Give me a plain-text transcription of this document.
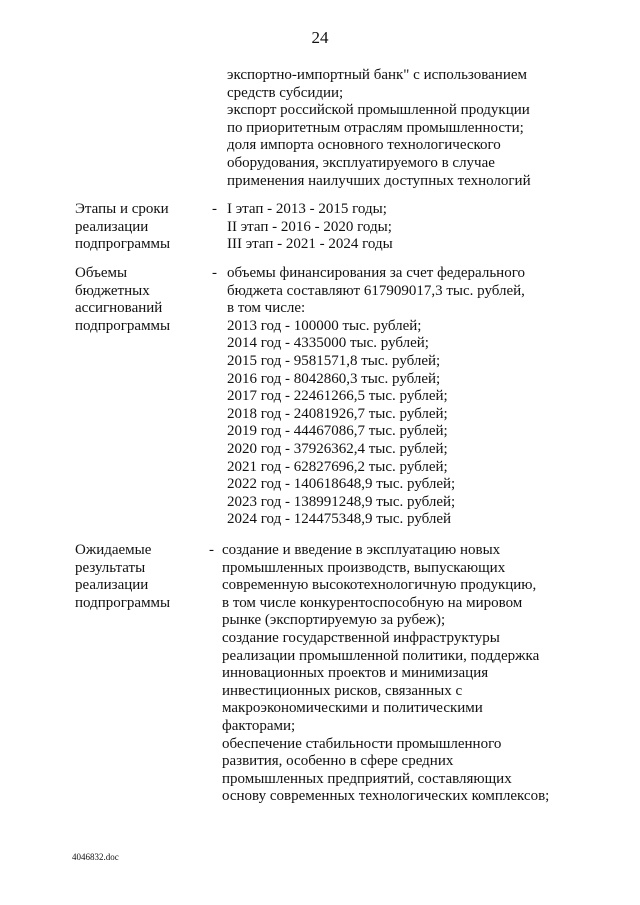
24
экспортно-импортный банк" с использованием
средств субсидии;
экспорт российской промышленной продукции
по приоритетным отраслям промышленности;
доля импорта основного технологического
оборудования, эксплуатируемого в случае
применения наилучших доступных технологий
Этапы и сроки
реализации
подпрограммы
- I этап - 2013 - 2015 годы;
II этап - 2016 - 2020 годы;
III этап - 2021 - 2024 годы
Объемы
бюджетных
ассигнований
подпрограммы
- объемы финансирования за счет федерального
бюджета составляют 617909017,3 тыс. рублей,
в том числе:
2013 год - 100000 тыс. рублей;
2014 год - 4335000 тыс. рублей;
2015 год - 9581571,8 тыс. рублей;
2016 год - 8042860,3 тыс. рублей;
2017 год - 22461266,5 тыс. рублей;
2018 год - 24081926,7 тыс. рублей;
2019 год - 44467086,7 тыс. рублей;
2020 год - 37926362,4 тыс. рублей;
2021 год - 62827696,2 тыс. рублей;
2022 год - 140618648,9 тыс. рублей;
2023 год - 138991248,9 тыс. рублей;
2024 год - 124475348,9 тыс. рублей
Ожидаемые
результаты
реализации
подпрограммы
- создание и введение в эксплуатацию новых
промышленных производств, выпускающих
современную высокотехнологичную продукцию,
в том числе конкурентоспособную на мировом
рынке (экспортируемую за рубеж);
создание государственной инфраструктуры
реализации промышленной политики, поддержка
инновационных проектов и минимизация
инвестиционных рисков, связанных с
макроэкономическими и политическими
факторами;
обеспечение стабильности промышленного
развития, особенно в сфере средних
промышленных предприятий, составляющих
основу современных технологических комплексов;
4046832.doc
